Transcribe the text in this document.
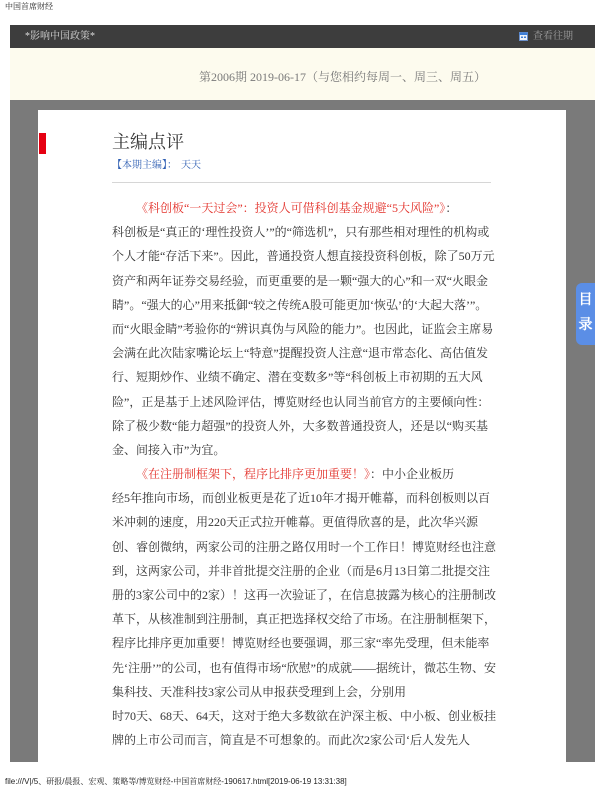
中国首席财经
*影响中国政策*	查看往期
第2006期 2019-06-17（与您相约每周一、周三、周五）
主编点评
【本期主编】： 天天
《科创板“一天过会”：投资人可借科创基金规避“5大风险”》：
科创板是“真正的‘理性投资人’”的“筛选机”，只有那些相对理性的机构或
个人才能“存活下来”。因此，普通投资人想直接投资科创板，除了50万元
资产和两年证券交易经验，而更重要的是一颗“强大的心”和一双“火眼金
睛”。“强大的心”用来抵御“较之传统A股可能更加‘恢弘’的‘大起大落’”。
而“火眼金睛”考验你的“辨识真伪与风险的能力”。也因此，证监会主席易
会满在此次陆家嘴论坛上“特意”提醒投资人注意“退市常态化、高估值发
行、短期炒作、业绩不确定、潜在变数多”等“科创板上市初期的五大风
险”，正是基于上述风险评估，博览财经也认同当前官方的主要倾向性：
除了极少数“能力超强”的投资人外，大多数普通投资人，还是以“购买基
金、间接入市”为宜。
《在注册制框架下，程序比排序更加重要！》：中小企业板历
经5年推向市场，而创业板更是花了近10年才揭开帷幕，而科创板则以百
米冲刺的速度，用220天正式拉开帷幕。更值得欣喜的是，此次华兴源
创、睿创微纳，两家公司的注册之路仅用时一个工作日！博览财经也注意
到，这两家公司，并非首批提交注册的企业（而是6月13日第二批提交注
册的3家公司中的2家）！这再一次验证了，在信息披露为核心的注册制改
革下，从核准制到注册制，真正把选择权交给了市场。在注册制框架下，
程序比排序更加重要！博览财经也要强调，那三家“率先受理，但未能率
先‘注册’”的公司，也有值得市场“欣慰”的成就——据统计，微芯生物、安
集科技、天准科技3家公司从申报获受理到上会，分别用
时70天、68天、64天，这对于绝大多数欲在沪深主板、中小板、创业板挂
牌的上市公司而言，简直是不可想象的。而此次2家公司‘后人发先人
目录
file:///V|/5、研报/晨报、宏观、策略等/博览财经-中国首席财经-190617.html[2019-06-19 13:31:38]
